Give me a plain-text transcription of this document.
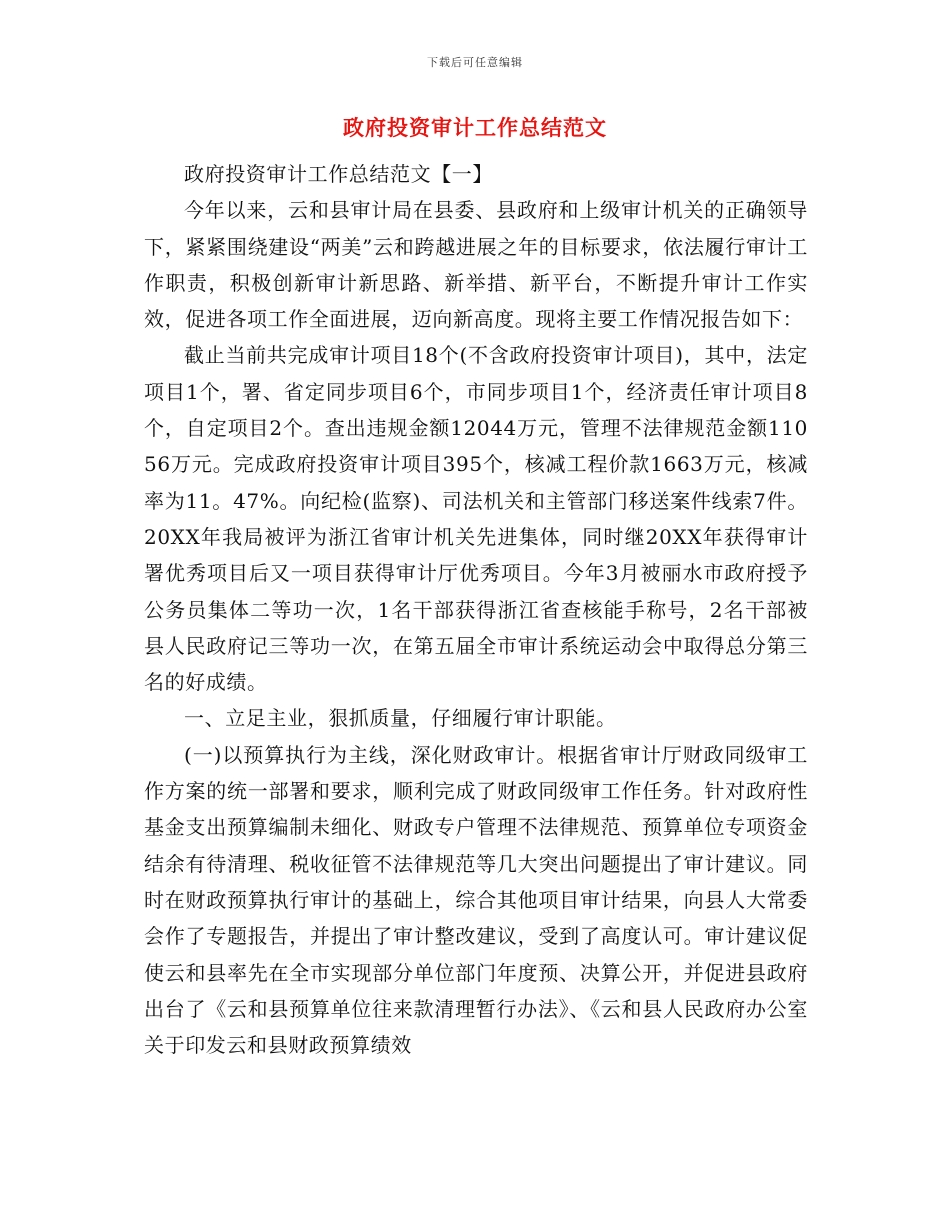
下载后可任意编辑
政府投资审计工作总结范文

政府投资审计工作总结范文【一】

今年以来，云和县审计局在县委、县政府和上级审计机关的正确领导下，紧紧围绕建设“两美”云和跨越进展之年的目标要求，依法履行审计工作职责，积极创新审计新思路、新举措、新平台，不断提升审计工作实效，促进各项工作全面进展，迈向新高度。现将主要工作情况报告如下：

截止当前共完成审计项目18个(不含政府投资审计项目)，其中，法定项目1个，署、省定同步项目6个，市同步项目1个，经济责任审计项目8个，自定项目2个。查出违规金额12044万元，管理不法律规范金额11056万元。完成政府投资审计项目395个，核减工程价款1663万元，核减率为11。47%。向纪检(监察)、司法机关和主管部门移送案件线索7件。20XX年我局被评为浙江省审计机关先进集体，同时继20XX年获得审计署优秀项目后又一项目获得审计厅优秀项目。今年3月被丽水市政府授予公务员集体二等功一次，1名干部获得浙江省查核能手称号，2名干部被县人民政府记三等功一次，在第五届全市审计系统运动会中取得总分第三名的好成绩。

一、立足主业，狠抓质量，仔细履行审计职能。

(一)以预算执行为主线，深化财政审计。根据省审计厅财政同级审工作方案的统一部署和要求，顺利完成了财政同级审工作任务。针对政府性基金支出预算编制未细化、财政专户管理不法律规范、预算单位专项资金结余有待清理、税收征管不法律规范等几大突出问题提出了审计建议。同时在财政预算执行审计的基础上，综合其他项目审计结果，向县人大常委会作了专题报告，并提出了审计整改建议，受到了高度认可。审计建议促使云和县率先在全市实现部分单位部门年度预、决算公开，并促进县政府出台了《云和县预算单位往来款清理暂行办法》、《云和县人民政府办公室关于印发云和县财政预算绩效
